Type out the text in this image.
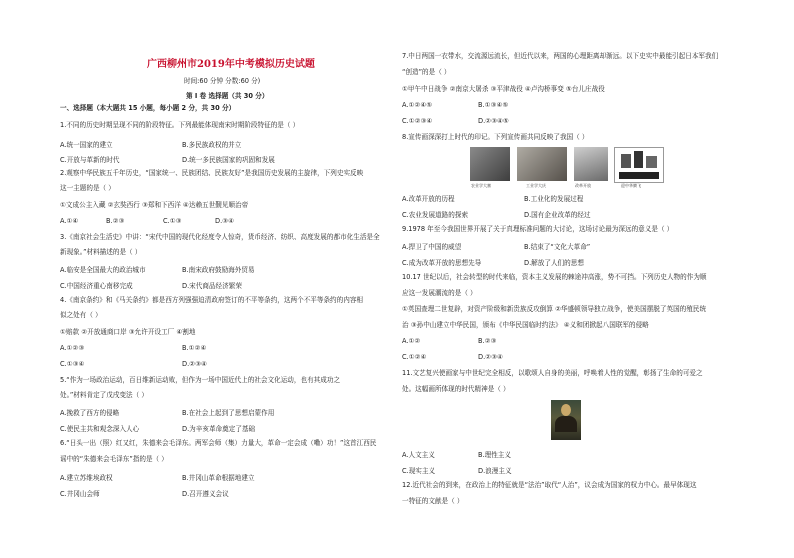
广西柳州市2019年中考模拟历史试题
时间:60 分钟 分数:60 分)
第 I 卷 选择题（共 30 分）
一、选择题（本大题共 15 小题，每小题 2 分，共 30 分）
1.不同的历史时期呈现不同的阶段特征。下列最能体现南宋时期阶段特征的是（ ）
A.统一国家的建立	B.多民族政权的并立
C.开放与革新的时代	D.统一多民族国家的巩固和发展
2.观察中华民族五千年历史，“国家统一、民族团结、民族友好”是我国历史发展的主旋律，下列史实反映
这一主题的是（ ）
①文成公主入藏 ②玄奘西行 ③郑和下西洋 ④达赖五世觐见顺治帝
A.①④	B.②③	C.①③	D.③④
3.《南京社会生活史》中讲：“宋代中国的现代化经度令人惊奇，货币经济、纺织、高度发展的都市化生活是全
新现象。”材料描述的是（ ）
A.临安是全国最大的政治城市	B.南宋政府鼓励海外贸易
C.中国经济重心南移完成	D.宋代商品经济繁荣
4.《南京条约》和《马关条约》都是西方列强强迫清政府签订的不平等条约，这两个不平等条约的内容相
似之处有（ ）
①赔款 ②开放通商口岸 ③允许开设工厂 ④割地
A.①②③	B.①②④
C.①③④	D.②③④
5.“作为一场政治运动，百日维新运动败，但作为一场中国近代上的社会文化运动，也有其成功之
处。”材料肯定了戊戌变法（ ）
A.挽救了西方的侵略	B.在社会上起到了思想启蒙作用
C.使民主共和观念深入人心	D.为辛亥革命奠定了基础
6.“日头一出（照）红又红，朱德来会毛泽东。两军会师（集）力量大，革命一定会成（嘞）功！”这首江西民
谣中的“朱德来会毛泽东”指的是（ ）
A.建立苏维埃政权	B.井冈山革命根据地建立
C.井冈山会师	D.召开遵义会议
7.中日两国一衣带水，交流源远流长，但近代以来，两国的心理距离却渐远。以下史实中最能引起日本军我们
“创造”的是（ ）
①甲午中日战争 ②南京大屠杀 ③平津战役 ④卢沟桥事变 ⑤台儿庄战役
A.①②④⑤	B.①③④⑤
C.①②③④	D.②③④⑤
8.宣传画深深打上时代的印记。下列宣传画共同反映了我国（ ）
农业学大寨	工业学大庆	改革开放	迎中华腾飞
A.改革开放的历程	B.工业化的发展过程
C.农业发展道路的探索	D.国有企业改革的经过
9.1978 年至今我国世界开展了关于真理标准问题的大讨论，这场讨论最为深远的意义是（ ）
A.捍卫了中国的威望	B.结束了“文化大革命”
C.成为改革开放的思想先导	D.解放了人们的思想
10.17 世纪以后，社会转型的时代来临，资本主义发展的棘途冲高涨，势不可挡。下列历史人物的作为顺
应这一发展潮流的是（ ）
①英国查理二世复辟，对资产阶级和新贵族反攻倒算 ②华盛顿领导独立战争，使美国摆脱了英国的殖民统
治 ③孙中山建立中华民国，颁布《中华民国临时约法》 ④义和团掀起八国联军的侵略
A.①②	B.②③
C.①②④	D.②③④
11.文艺复兴使画家与中世纪完全相反，以歌颂人自身的美丽，呼唤着人性的觉醒，彰扬了生命的可爱之
处。这幅画所体现的时代精神是（ ）
A.人文主义	B.理性主义
C.现实主义	D.浪漫主义
12.近代社会的到来，在政治上的特征就是“法治”取代“人治”，议会成为国家的权力中心。最早体现这
一特征的文献是（ ）
